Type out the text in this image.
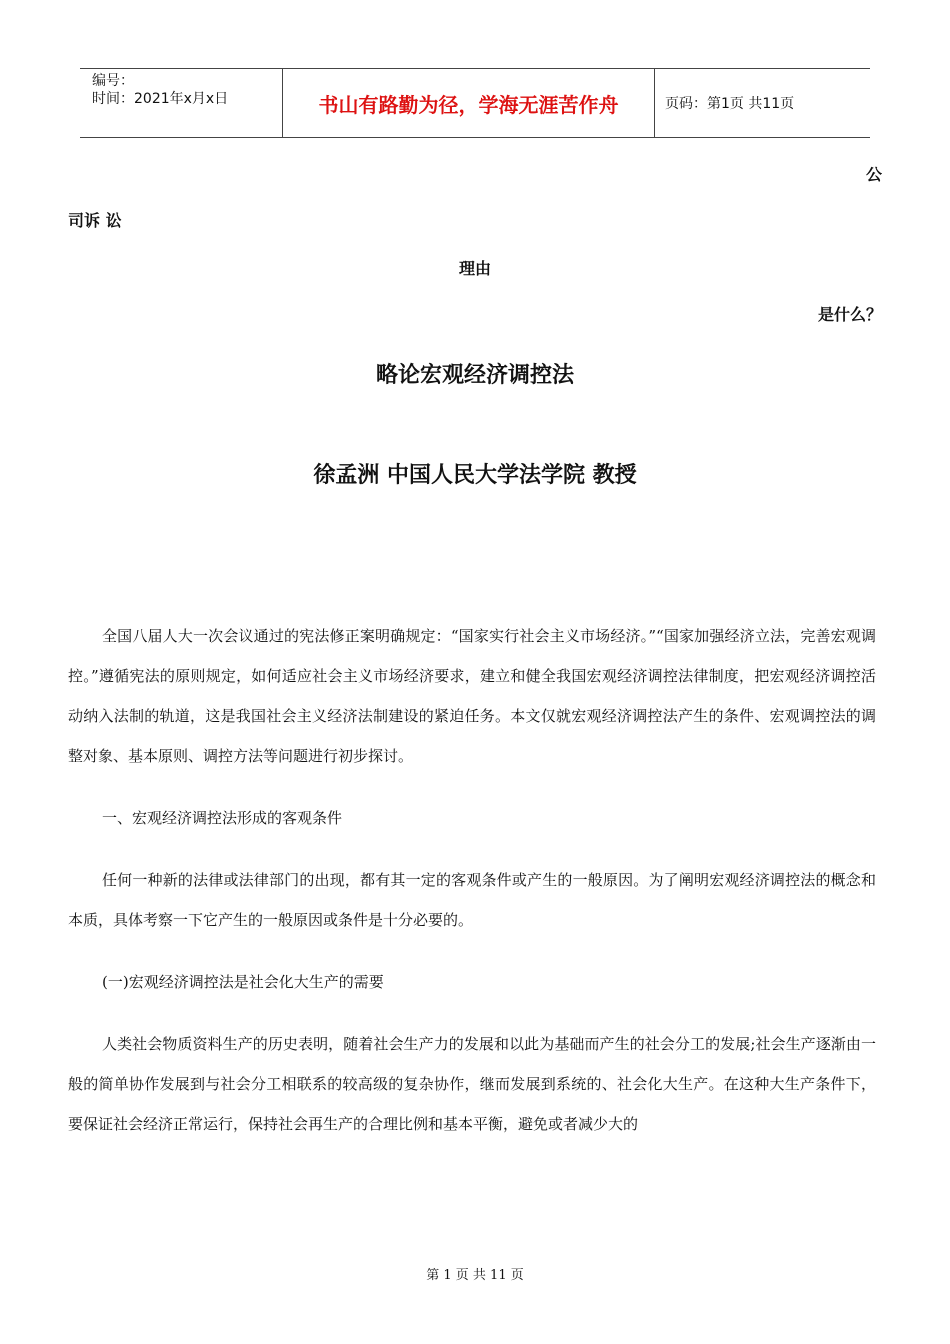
编号：
时间：2021年x月x日	书山有路勤为径，学海无涯苦作舟	页码：第1页 共11页
公
司诉 讼
理由
是什么？
略论宏观经济调控法
徐孟洲 中国人民大学法学院 教授

全国八届人大一次会议通过的宪法修正案明确规定：“国家实行社会主义市场经济。”“国家加强经济立法，完善宏观调控。”遵循宪法的原则规定，如何适应社会主义市场经济要求，建立和健全我国宏观经济调控法律制度，把宏观经济调控活动纳入法制的轨道，这是我国社会主义经济法制建设的紧迫任务。本文仅就宏观经济调控法产生的条件、宏观调控法的调整对象、基本原则、调控方法等问题进行初步探讨。

一、宏观经济调控法形成的客观条件

任何一种新的法律或法律部门的出现，都有其一定的客观条件或产生的一般原因。为了阐明宏观经济调控法的概念和本质，具体考察一下它产生的一般原因或条件是十分必要的。

(一)宏观经济调控法是社会化大生产的需要

人类社会物质资料生产的历史表明，随着社会生产力的发展和以此为基础而产生的社会分工的发展;社会生产逐渐由一般的简单协作发展到与社会分工相联系的较高级的复杂协作，继而发展到系统的、社会化大生产。在这种大生产条件下，要保证社会经济正常运行，保持社会再生产的合理比例和基本平衡，避免或者减少大的

第 1 页 共 11 页
